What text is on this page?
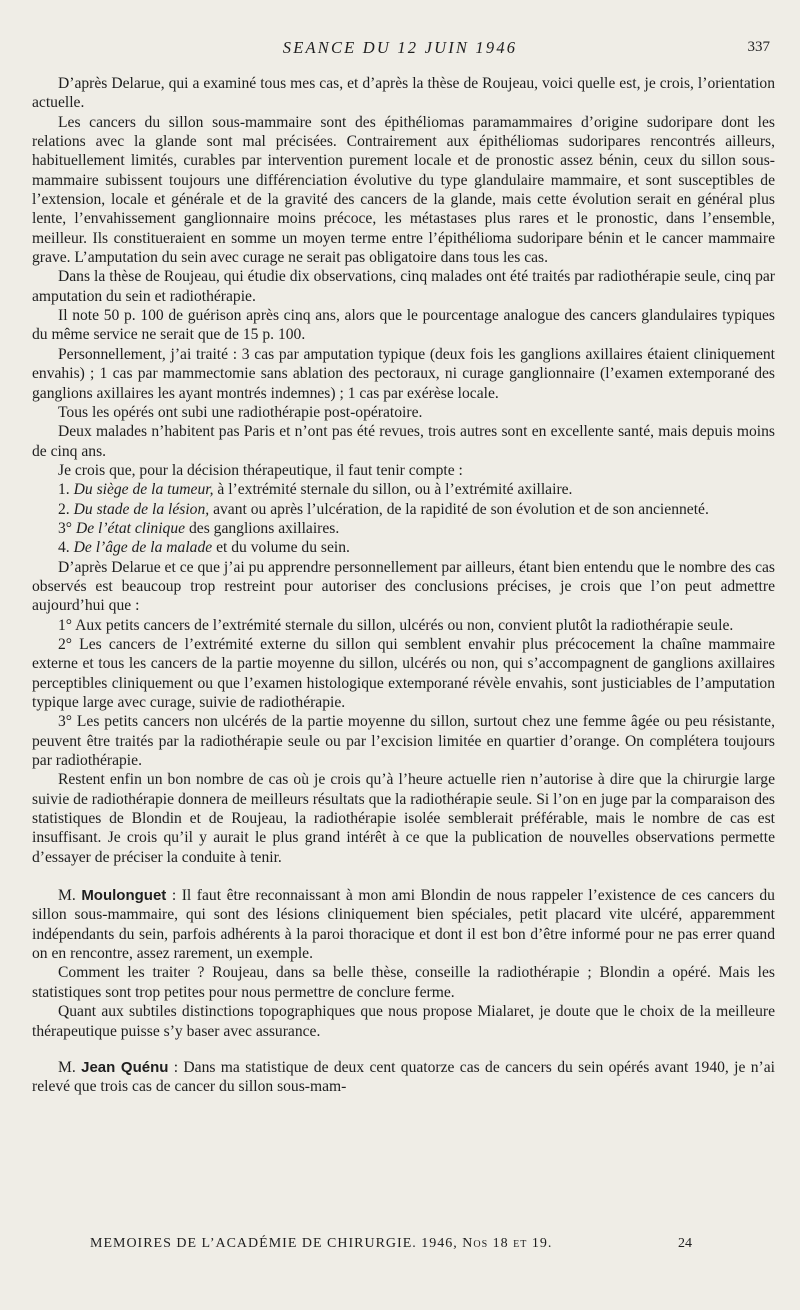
SEANCE DU 12 JUIN 1946	337

D’après Delarue, qui a examiné tous mes cas, et d’après la thèse de Roujeau, voici quelle est, je crois, l’orientation actuelle.

Les cancers du sillon sous-mammaire sont des épithéliomas paramammaires d’origine sudoripare dont les relations avec la glande sont mal précisées. Contrairement aux épithéliomas sudoripares rencontrés ailleurs, habituellement limités, curables par intervention purement locale et de pronostic assez bénin, ceux du sillon sous-mammaire subissent toujours une différenciation évolutive du type glandulaire mammaire, et sont susceptibles de l’extension, locale et générale et de la gravité des cancers de la glande, mais cette évolution serait en général plus lente, l’envahissement ganglionnaire moins précoce, les métastases plus rares et le pronostic, dans l’ensemble, meilleur. Ils constitueraient en somme un moyen terme entre l’épithélioma sudoripare bénin et le cancer mammaire grave. L’amputation du sein avec curage ne serait pas obligatoire dans tous les cas.

Dans la thèse de Roujeau, qui étudie dix observations, cinq malades ont été traités par radiothérapie seule, cinq par amputation du sein et radiothérapie.

Il note 50 p. 100 de guérison après cinq ans, alors que le pourcentage analogue des cancers glandulaires typiques du même service ne serait que de 15 p. 100.

Personnellement, j’ai traité : 3 cas par amputation typique (deux fois les ganglions axillaires étaient cliniquement envahis) ; 1 cas par mammectomie sans ablation des pectoraux, ni curage ganglionnaire (l’examen extemporané des ganglions axillaires les ayant montrés indemnes) ; 1 cas par exérèse locale.

Tous les opérés ont subi une radiothérapie post-opératoire.

Deux malades n’habitent pas Paris et n’ont pas été revues, trois autres sont en excellente santé, mais depuis moins de cinq ans.

Je crois que, pour la décision thérapeutique, il faut tenir compte :

1. Du siège de la tumeur, à l’extrémité sternale du sillon, ou à l’extrémité axillaire.

2. Du stade de la lésion, avant ou après l’ulcération, de la rapidité de son évolution et de son ancienneté.

3° De l’état clinique des ganglions axillaires.

4. De l’âge de la malade et du volume du sein.

D’après Delarue et ce que j’ai pu apprendre personnellement par ailleurs, étant bien entendu que le nombre des cas observés est beaucoup trop restreint pour autoriser des conclusions précises, je crois que l’on peut admettre aujourd’hui que :

1° Aux petits cancers de l’extrémité sternale du sillon, ulcérés ou non, convient plutôt la radiothérapie seule.

2° Les cancers de l’extrémité externe du sillon qui semblent envahir plus précocement la chaîne mammaire externe et tous les cancers de la partie moyenne du sillon, ulcérés ou non, qui s’accompagnent de ganglions axillaires perceptibles cliniquement ou que l’examen histologique extemporané révèle envahis, sont justiciables de l’amputation typique large avec curage, suivie de radiothérapie.

3° Les petits cancers non ulcérés de la partie moyenne du sillon, surtout chez une femme âgée ou peu résistante, peuvent être traités par la radiothérapie seule ou par l’excision limitée en quartier d’orange. On complétera toujours par radiothérapie.

Restent enfin un bon nombre de cas où je crois qu’à l’heure actuelle rien n’autorise à dire que la chirurgie large suivie de radiothérapie donnera de meilleurs résultats que la radiothérapie seule. Si l’on en juge par la comparaison des statistiques de Blondin et de Roujeau, la radiothérapie isolée semblerait préférable, mais le nombre de cas est insuffisant. Je crois qu’il y aurait le plus grand intérêt à ce que la publication de nouvelles observations permette d’essayer de préciser la conduite à tenir.

M. Moulonguet : Il faut être reconnaissant à mon ami Blondin de nous rappeler l’existence de ces cancers du sillon sous-mammaire, qui sont des lésions cliniquement bien spéciales, petit placard vite ulcéré, apparemment indépendants du sein, parfois adhérents à la paroi thoracique et dont il est bon d’être informé pour ne pas errer quand on en rencontre, assez rarement, un exemple.

Comment les traiter ? Roujeau, dans sa belle thèse, conseille la radiothérapie ; Blondin a opéré. Mais les statistiques sont trop petites pour nous permettre de conclure ferme.

Quant aux subtiles distinctions topographiques que nous propose Mialaret, je doute que le choix de la meilleure thérapeutique puisse s’y baser avec assurance.

M. Jean Quénu : Dans ma statistique de deux cent quatorze cas de cancers du sein opérés avant 1940, je n’ai relevé que trois cas de cancer du sillon sous-mam-

MEMOIRES DE L’ACADÉMIE DE CHIRURGIE. 1946, Nos 18 et 19.	24
